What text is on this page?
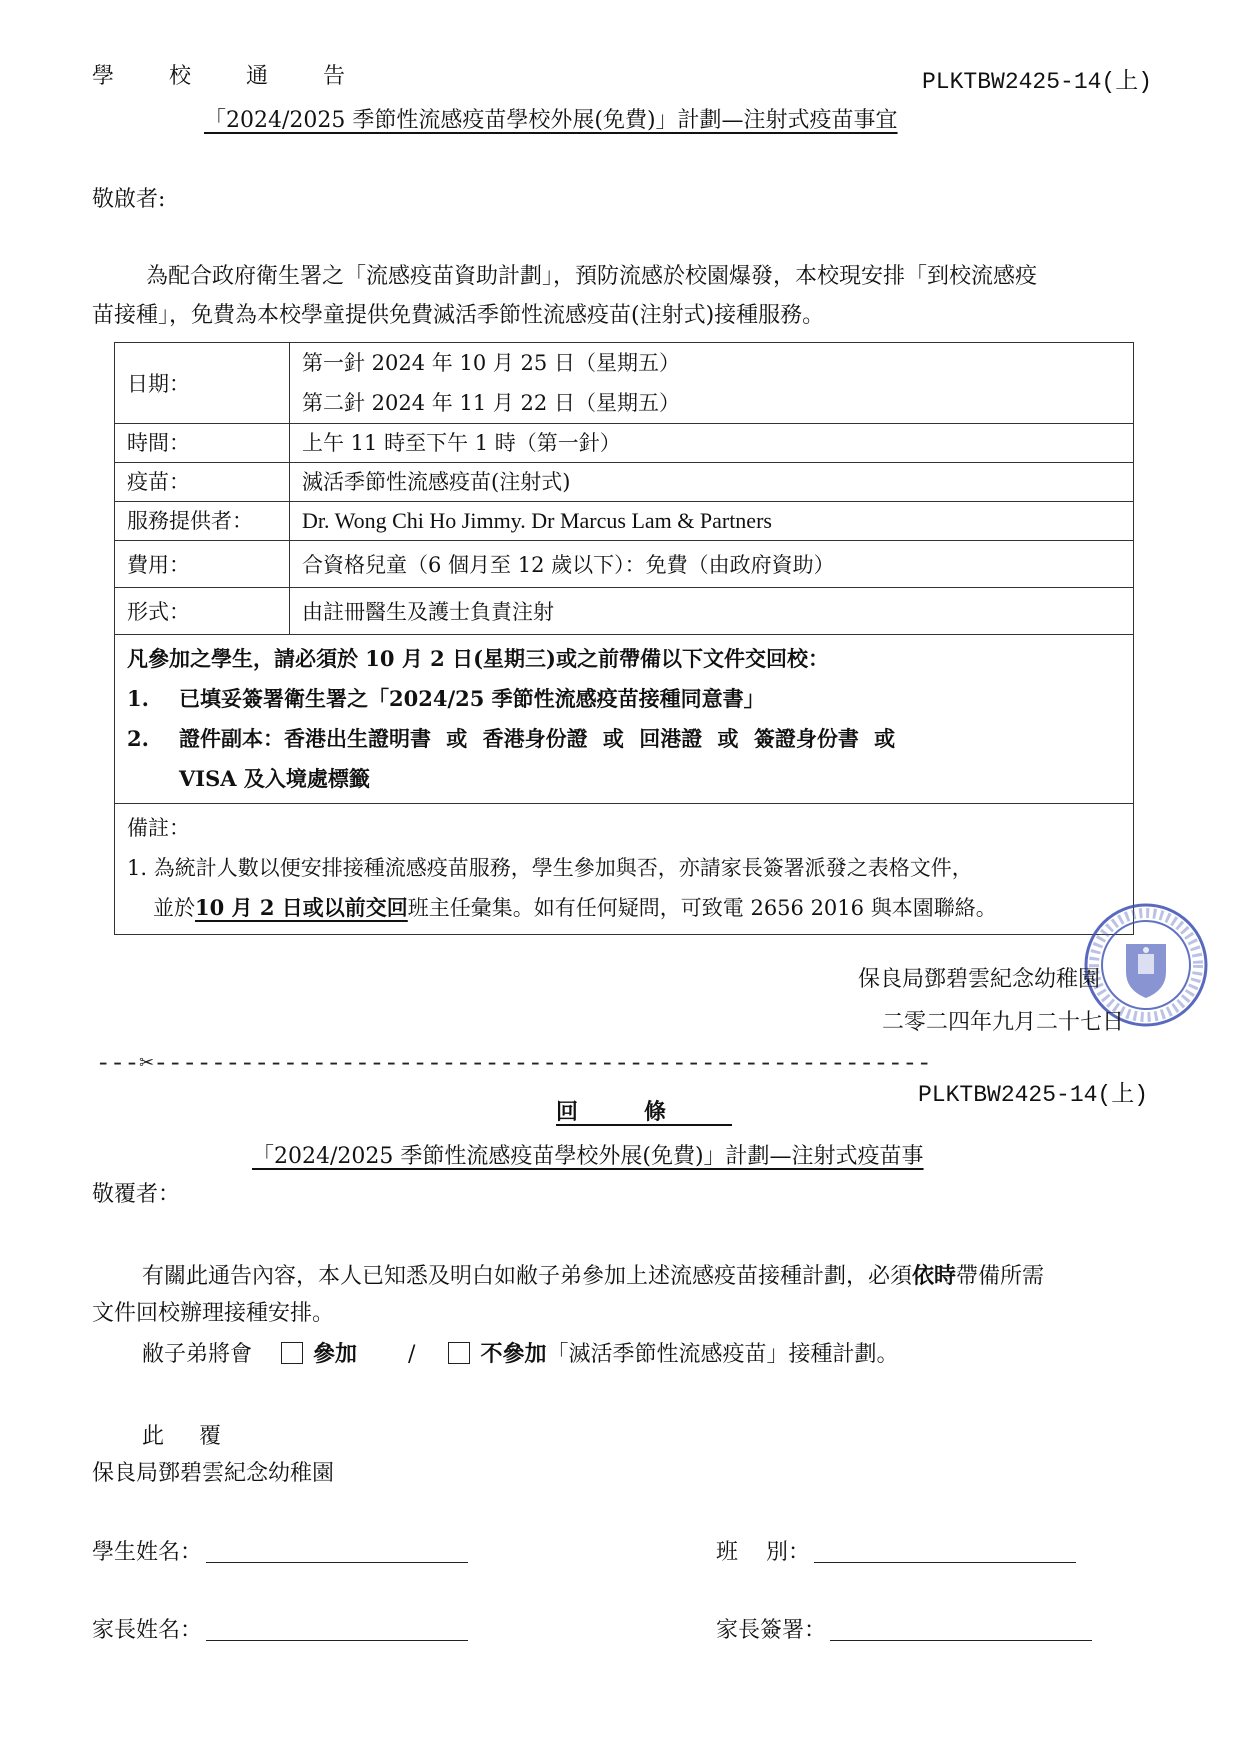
學 校 通 告	PLKTBW2425-14(上)
「2024/2025 季節性流感疫苗學校外展(免費)」計劃—注射式疫苗事宜
敬啟者:
為配合政府衛生署之「流感疫苗資助計劃」，預防流感於校園爆發，本校現安排「到校流感疫
苗接種」，免費為本校學童提供免費滅活季節性流感疫苗(注射式)接種服務。
日期：	第一針 2024 年 10 月 25 日（星期五）
第二針 2024 年 11 月 22 日（星期五）

時間：	上午 11 時至下午 1 時（第一針）
疫苗：	滅活季節性流感疫苗(注射式)
服務提供者：	Dr. Wong Chi Ho Jimmy. Dr Marcus Lam & Partners
費用：	合資格兒童（6 個月至 12 歲以下）：免費（由政府資助）
形式：	由註冊醫生及護士負責注射

凡參加之學生，請必須於 10 月 2 日(星期三)或之前帶備以下文件交回校：
1. 已填妥簽署衛生署之「2024/25 季節性流感疫苗接種同意書」
2. 證件副本：香港出生證明書 或 香港身份證 或 回港證 或 簽證身份書 或
VISA 及入境處標籤	

備註：
1. 為統計人數以便安排接種流感疫苗服務，學生參加與否，亦請家長簽署派發之表格文件，
並於10 月 2 日或以前交回班主任彙集。如有任何疑問，可致電 2656 2016 與本園聯絡。	
保良局鄧碧雲紀念幼稚園
二零二四年九月二十七日
---✂------------------------------------------------------
PLKTBW2425-14(上)
回條
「2024/2025 季節性流感疫苗學校外展(免費)」計劃—注射式疫苗事
敬覆者：
有關此通告內容，本人已知悉及明白如敝子弟參加上述流感疫苗接種計劃，必須依時帶備所需
文件回校辦理接種安排。
敝子弟將會	參加 /	不參加「滅活季節性流感疫苗」接種計劃。
此 覆
保良局鄧碧雲紀念幼稚園
學生姓名：	班    別：
家長姓名：	家長簽署：
